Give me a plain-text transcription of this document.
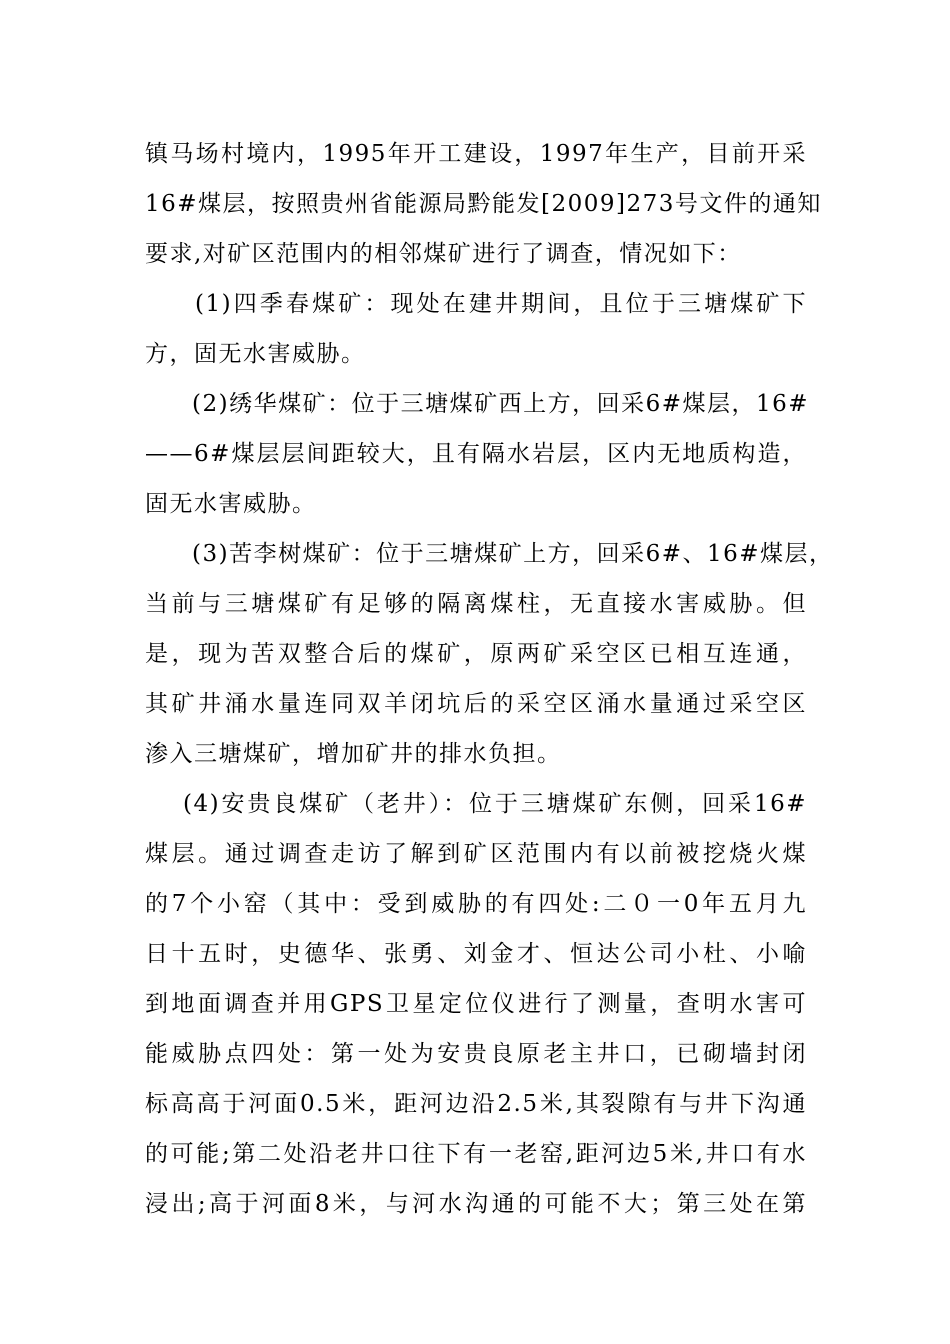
镇马场村境内，1995年开工建设，1997年生产，目前开采
16#煤层，按照贵州省能源局黔能发[2009]273号文件的通知
要求,对矿区范围内的相邻煤矿进行了调查，情况如下：
(1)四季春煤矿：现处在建井期间，且位于三塘煤矿下
方，固无水害威胁。
(2)绣华煤矿：位于三塘煤矿西上方，回采6#煤层，16#
——6#煤层层间距较大，且有隔水岩层，区内无地质构造，
固无水害威胁。
(3)苦李树煤矿：位于三塘煤矿上方，回采6#、16#煤层，
当前与三塘煤矿有足够的隔离煤柱，无直接水害威胁。但
是，现为苦双整合后的煤矿，原两矿采空区已相互连通，
其矿井涌水量连同双羊闭坑后的采空区涌水量通过采空区
渗入三塘煤矿，增加矿井的排水负担。
(4)安贵良煤矿（老井）：位于三塘煤矿东侧，回采16#
煤层。通过调查走访了解到矿区范围内有以前被挖烧火煤
的7个小窑（其中：受到威胁的有四处:二０一0年五月九
日十五时，史德华、张勇、刘金才、恒达公司小杜、小喻
到地面调查并用GPS卫星定位仪进行了测量，查明水害可
能威胁点四处：第一处为安贵良原老主井口，已砌墙封闭
标高高于河面0.5米，距河边沿2.5米,其裂隙有与井下沟通
的可能;第二处沿老井口往下有一老窑,距河边5米,井口有水
浸出;高于河面8米，与河水沟通的可能不大；第三处在第
